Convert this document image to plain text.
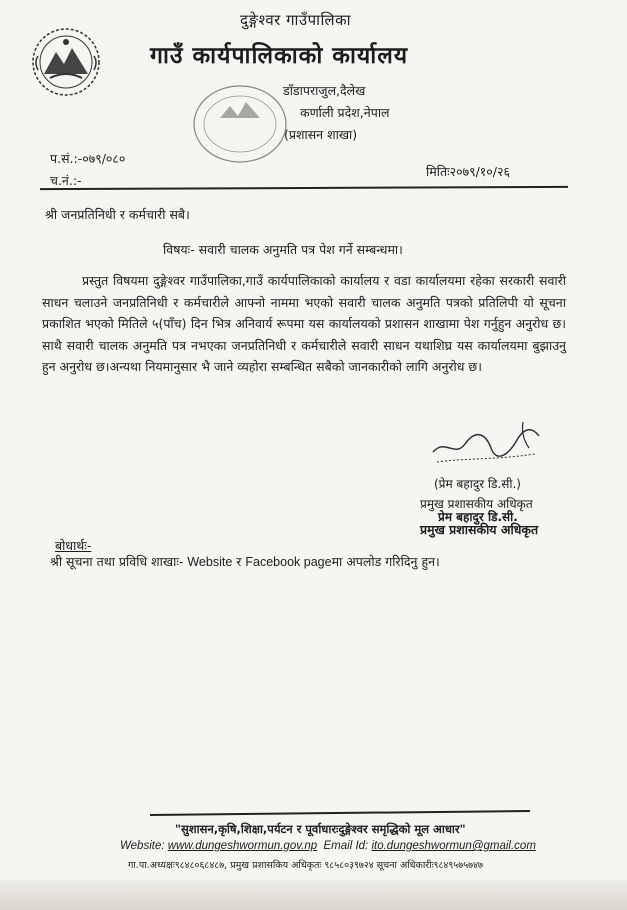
दुङ्गेश्वर गाउँपालिका
गाउँ कार्यपालिकाको कार्यालय
डाँडापराजुल,दैलेख
कर्णाली प्रदेश,नेपाल
(प्रशासन शाखा)
प.सं.:-०७९/०८०
च.नं.:-
मितिः२०७९/१०/२६
श्री जनप्रतिनिधी र कर्मचारी सबै।
विषयः- सवारी चालक अनुमति पत्र पेश गर्ने सम्बन्धमा।
प्रस्तुत विषयमा दुङ्गेश्वर गाउँपालिका,गाउँ कार्यपालिकाको कार्यालय र वडा कार्यालयमा रहेका सरकारी सवारी साधन चलाउने जनप्रतिनिधी र कर्मचारीले आफ्नो नाममा भएको सवारी चालक अनुमति पत्रको प्रतिलिपी यो सूचना प्रकाशित भएको मितिले ५(पाँच) दिन भित्र अनिवार्य रूपमा यस कार्यालयको प्रशासन शाखामा पेश गर्नुहुन अनुरोध छ।साथै सवारी चालक अनुमति पत्र नभएका जनप्रतिनिधी र कर्मचारीले सवारी साधन यथाशिघ्र यस कार्यालयमा बुझाउनु हुन अनुरोध छ।अन्यथा नियमानुसार भै जाने व्यहोरा सम्बन्धित सबैको जानकारीको लागि अनुरोध छ।
(प्रेम बहादुर डि.सी.)
प्रमुख प्रशासकीय अधिकृत
प्रेम बहादुर डि.सी.
प्रमुख प्रशासकीय अधिकृत
बोधार्थः-
श्री सूचना तथा प्रविधि शाखाः- Website र Facebook pageमा अपलोड गरिदिनु हुन।
"सुशासन,कृषि,शिक्षा,पर्यटन र पूर्वाधारःदुङ्गेश्वर समृद्धिको मूल आधार"
Website: www.dungeshwormun.gov.np Email Id: ito.dungeshwormun@gmail.com
गा.पा.अध्यक्षः९८४८०६८४८७, प्रमुख प्रशासकिय अधिकृतः ९८५८०३९७२४ सूचना अधिकारीः९८४९५७५७४७
